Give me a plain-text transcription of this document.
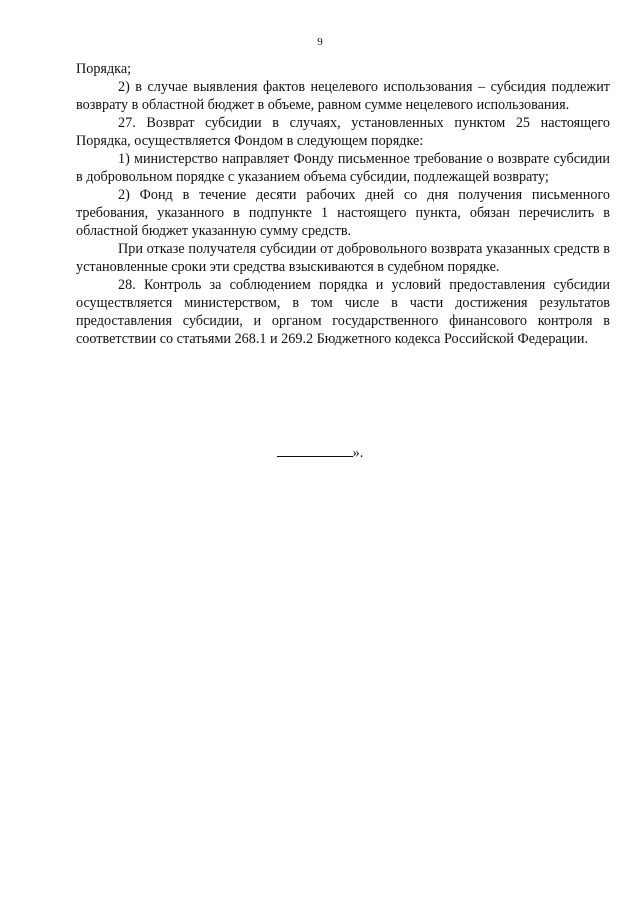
9

Порядка;

2) в случае выявления фактов нецелевого использования – субсидия подлежит возврату в областной бюджет в объеме, равном сумме нецелевого использования.

27. Возврат субсидии в случаях, установленных пунктом 25 настоящего Порядка, осуществляется Фондом в следующем порядке:

1) министерство направляет Фонду письменное требование о возврате субсидии в добровольном порядке с указанием объема субсидии, подлежащей возврату;

2) Фонд в течение десяти рабочих дней со дня получения письменного требования, указанного в подпункте 1 настоящего пункта, обязан перечислить в областной бюджет указанную сумму средств.

При отказе получателя субсидии от добровольного возврата указанных средств в установленные сроки эти средства взыскиваются в судебном порядке.

28. Контроль за соблюдением порядка и условий предоставления субсидии осуществляется министерством, в том числе в части достижения результатов предоставления субсидии, и органом государственного финансового контроля в соответствии со статьями 268.1 и 269.2 Бюджетного кодекса Российской Федерации.

».
